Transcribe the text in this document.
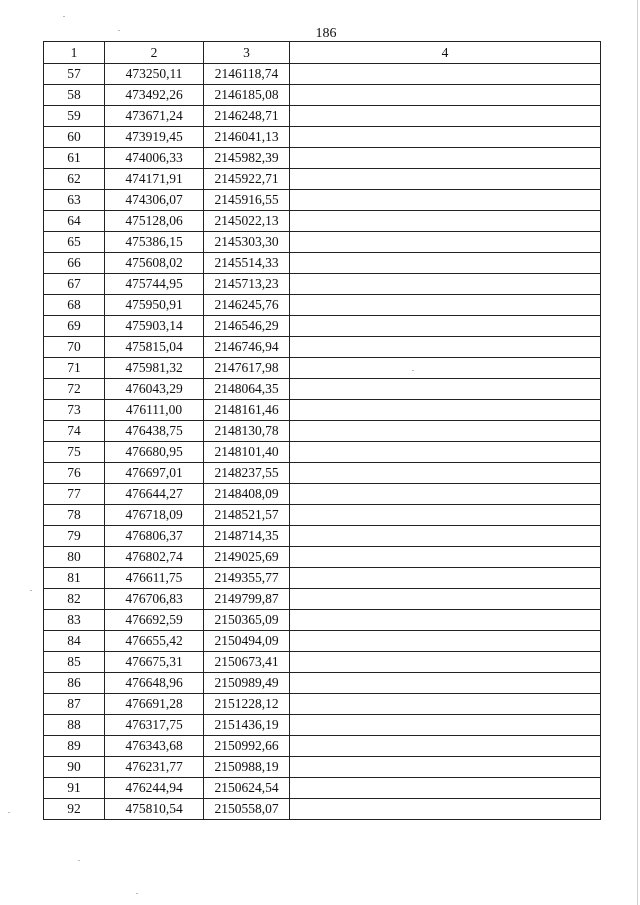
186
1	2	3	4
57	473250,11	2146118,74	
58	473492,26	2146185,08	
59	473671,24	2146248,71	
60	473919,45	2146041,13	
61	474006,33	2145982,39	
62	474171,91	2145922,71	
63	474306,07	2145916,55	
64	475128,06	2145022,13	
65	475386,15	2145303,30	
66	475608,02	2145514,33	
67	475744,95	2145713,23	
68	475950,91	2146245,76	
69	475903,14	2146546,29	
70	475815,04	2146746,94	
71	475981,32	2147617,98	
72	476043,29	2148064,35	
73	476111,00	2148161,46	
74	476438,75	2148130,78	
75	476680,95	2148101,40	
76	476697,01	2148237,55	
77	476644,27	2148408,09	
78	476718,09	2148521,57	
79	476806,37	2148714,35	
80	476802,74	2149025,69	
81	476611,75	2149355,77	
82	476706,83	2149799,87	
83	476692,59	2150365,09	
84	476655,42	2150494,09	
85	476675,31	2150673,41	
86	476648,96	2150989,49	
87	476691,28	2151228,12	
88	476317,75	2151436,19	
89	476343,68	2150992,66	
90	476231,77	2150988,19	
91	476244,94	2150624,54	
92	475810,54	2150558,07	
